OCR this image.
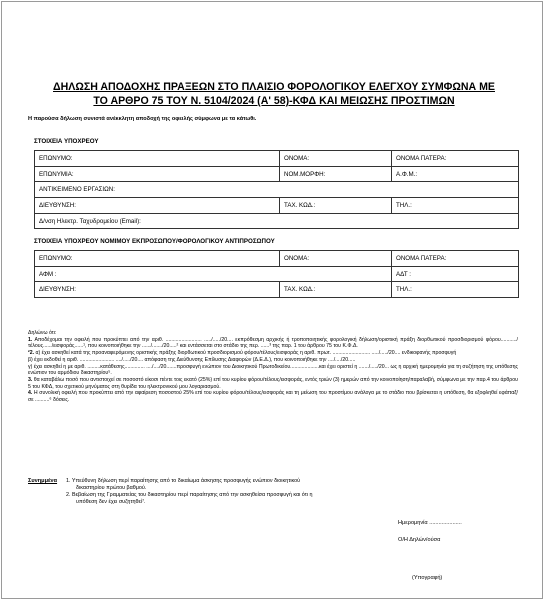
ΔΗΛΩΣΗ ΑΠΟΔΟΧΗΣ ΠΡΑΞΕΩΝ ΣΤΟ ΠΛΑΙΣΙΟ ΦΟΡΟΛΟΓΙΚΟΥ ΕΛΕΓΧΟΥ ΣΥΜΦΩΝΑ ΜΕ
ΤΟ ΑΡΘΡΟ 75 ΤΟΥ Ν. 5104/2024 (Α' 58)-ΚΦΔ ΚΑΙ ΜΕΙΩΣΗΣ ΠΡΟΣΤΙΜΩΝ
Η παρούσα δήλωση συνιστά ανέκκλητη αποδοχή της οφειλής σύμφωνα με τα κάτωθι.
ΣΤΟΙΧΕΙΑ ΥΠΟΧΡΕΟΥ
ΕΠΩΝΥΜΟ:	ΟΝΟΜΑ:	ΟΝΟΜΑ ΠΑΤΕΡΑ:
ΕΠΩΝΥΜΙΑ:	ΝΟΜ.ΜΟΡΦΗ:	Α.Φ.Μ.:
ΑΝΤΙΚΕΙΜΕΝΟ ΕΡΓΑΣΙΩΝ:		
ΔΙΕΥΘΥΝΣΗ:	ΤΑΧ. ΚΩΔ.:	ΤΗΛ.:
Δ/νση Ηλεκτρ. Ταχυδρομείου (Email):		
ΣΤΟΙΧΕΙΑ ΥΠΟΧΡΕΟΥ ΝΟΜΙΜΟΥ ΕΚΠΡΟΣΩΠΟΥ/ΦΟΡΟΛΟΓΙΚΟΥ ΑΝΤΙΠΡΟΣΩΠΟΥ
ΕΠΩΝΥΜΟ:	ΟΝΟΜΑ:	ΟΝΟΜΑ ΠΑΤΕΡΑ:
ΑΦΜ :		ΑΔΤ :
ΔΙΕΥΘΥΝΣΗ:	ΤΑΧ. ΚΩΔ.:	ΤΗΛ.:

Δηλώνω ότι:

1. Αποδέχομαι την οφειλή που προκύπτει από την αριθ. ......................... ...../...../20.... εκπρόθεσμη αρχικής ή τροποποιητικής φορολογική δήλωση/οριστική πράξη διορθωτικού προσδιορισμού φόρου.........../τέλους....../εισφοράς......¹, που κοινοποιήθηκε την ....../......./20.....² και εντάσσεται στο στάδιο της περ. ......³ της παρ. 1 του άρθρου 75 του Κ.Φ.Δ.

²2. α) έχει ασκηθεί κατά της προαναφερόμενης οριστικής πράξης διορθωτικού προσδιορισμού φόρου/τέλους/εισφοράς η αριθ. πρωτ. .......................... ...../...../20.... ενδικοφανής προσφυγή

β) έχει εκδοθεί η αριθ. ........................ ..../...../20.... απόφαση της Διεύθυνσης Επίλυσης Διαφορών (Δ.Ε.Δ.), που κοινοποιήθηκε την ..../..../20.....

γ) έχει ασκηθεί η με αριθ. .........κατάθεσης.............. ..../..../20.......προσφυγή ενώπιον του Διοικητικού Πρωτοδικείου....................και έχει οριστεί η ......./...../20... ως η αρχική ημερομηνία για τη συζήτηση της υπόθεσης ενώπιον του αρμόδιου δικαστηρίου⁵.

3. θα καταβάλω ποσό που αντιστοιχεί σε ποσοστό είκοσι πέντε τοις εκατό (25%) επί του κυρίου φόρου/τέλους/εισφοράς, εντός τριών (3) ημερών από την κοινοποίηση/παραλαβή, σύμφωνα με την παρ.4 του άρθρου 5 του ΚΦΔ, του σχετικού μηνύματος στη θυρίδα του ηλεκτρονικού μου λογαριασμού.

4. Η συνολική οφειλή που προκύπτει από την αφαίρεση ποσοστού 25% επί του κυρίου φόρου/τέλους/εισφοράς και τη μείωση του προστίμου ανάλογα με το στάδιο που βρίσκεται η υπόθεση, θα εξοφληθεί εφάπαξ/ σε ..........⁶ δόσεις.

Συνημμένα 1. Υπεύθυνη δήλωση περί παραίτησης από το δικαίωμα άσκησης προσφυγής ενώπιον διοικητικού δικαστηρίου πρώτου βαθμού.
2. Βεβαίωση της Γραμματείας του δικαστηρίου περί παραίτησης από την ασκηθείσα προσφυγή και ότι η υπόθεση δεν έχει συζητηθεί⁷.
Ημερομηνία .....................
Ο/Η Δηλών/ούσα
(Υπογραφή)
